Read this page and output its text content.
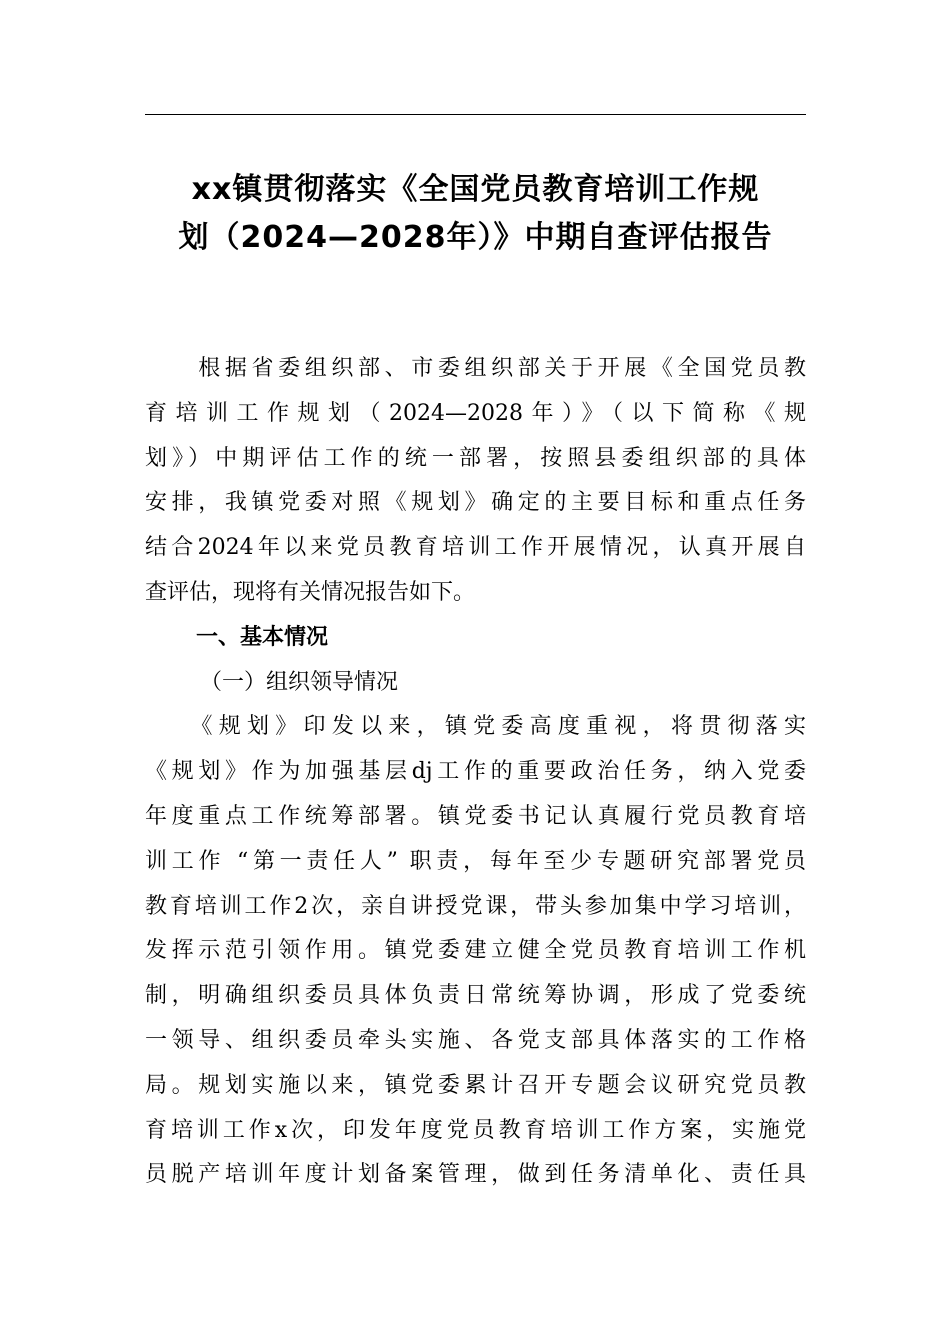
xx镇贯彻落实《全国党员教育培训工作规
划（2024—2028年）》中期自查评估报告
　　根据省委组织部、市委组织部关于开展《全国党员教
育培训工作规划（2024—2028年）》（以下简称《规
划》）中期评估工作的统一部署，按照县委组织部的具体
安排，我镇党委对照《规划》确定的主要目标和重点任务
结合2024年以来党员教育培训工作开展情况，认真开展自
查评估，现将有关情况报告如下。
一、基本情况
（一）组织领导情况
　　《规划》印发以来，镇党委高度重视，将贯彻落实
《规划》作为加强基层dj工作的重要政治任务，纳入党委
年度重点工作统筹部署。镇党委书记认真履行党员教育培
训工作 “第一责任人” 职责，每年至少专题研究部署党员
教育培训工作2次，亲自讲授党课，带头参加集中学习培训，
发挥示范引领作用。镇党委建立健全党员教育培训工作机
制，明确组织委员具体负责日常统筹协调，形成了党委统
一领导、组织委员牵头实施、各党支部具体落实的工作格
局。规划实施以来，镇党委累计召开专题会议研究党员教
育培训工作x次，印发年度党员教育培训工作方案，实施党
员脱产培训年度计划备案管理，做到任务清单化、责任具
